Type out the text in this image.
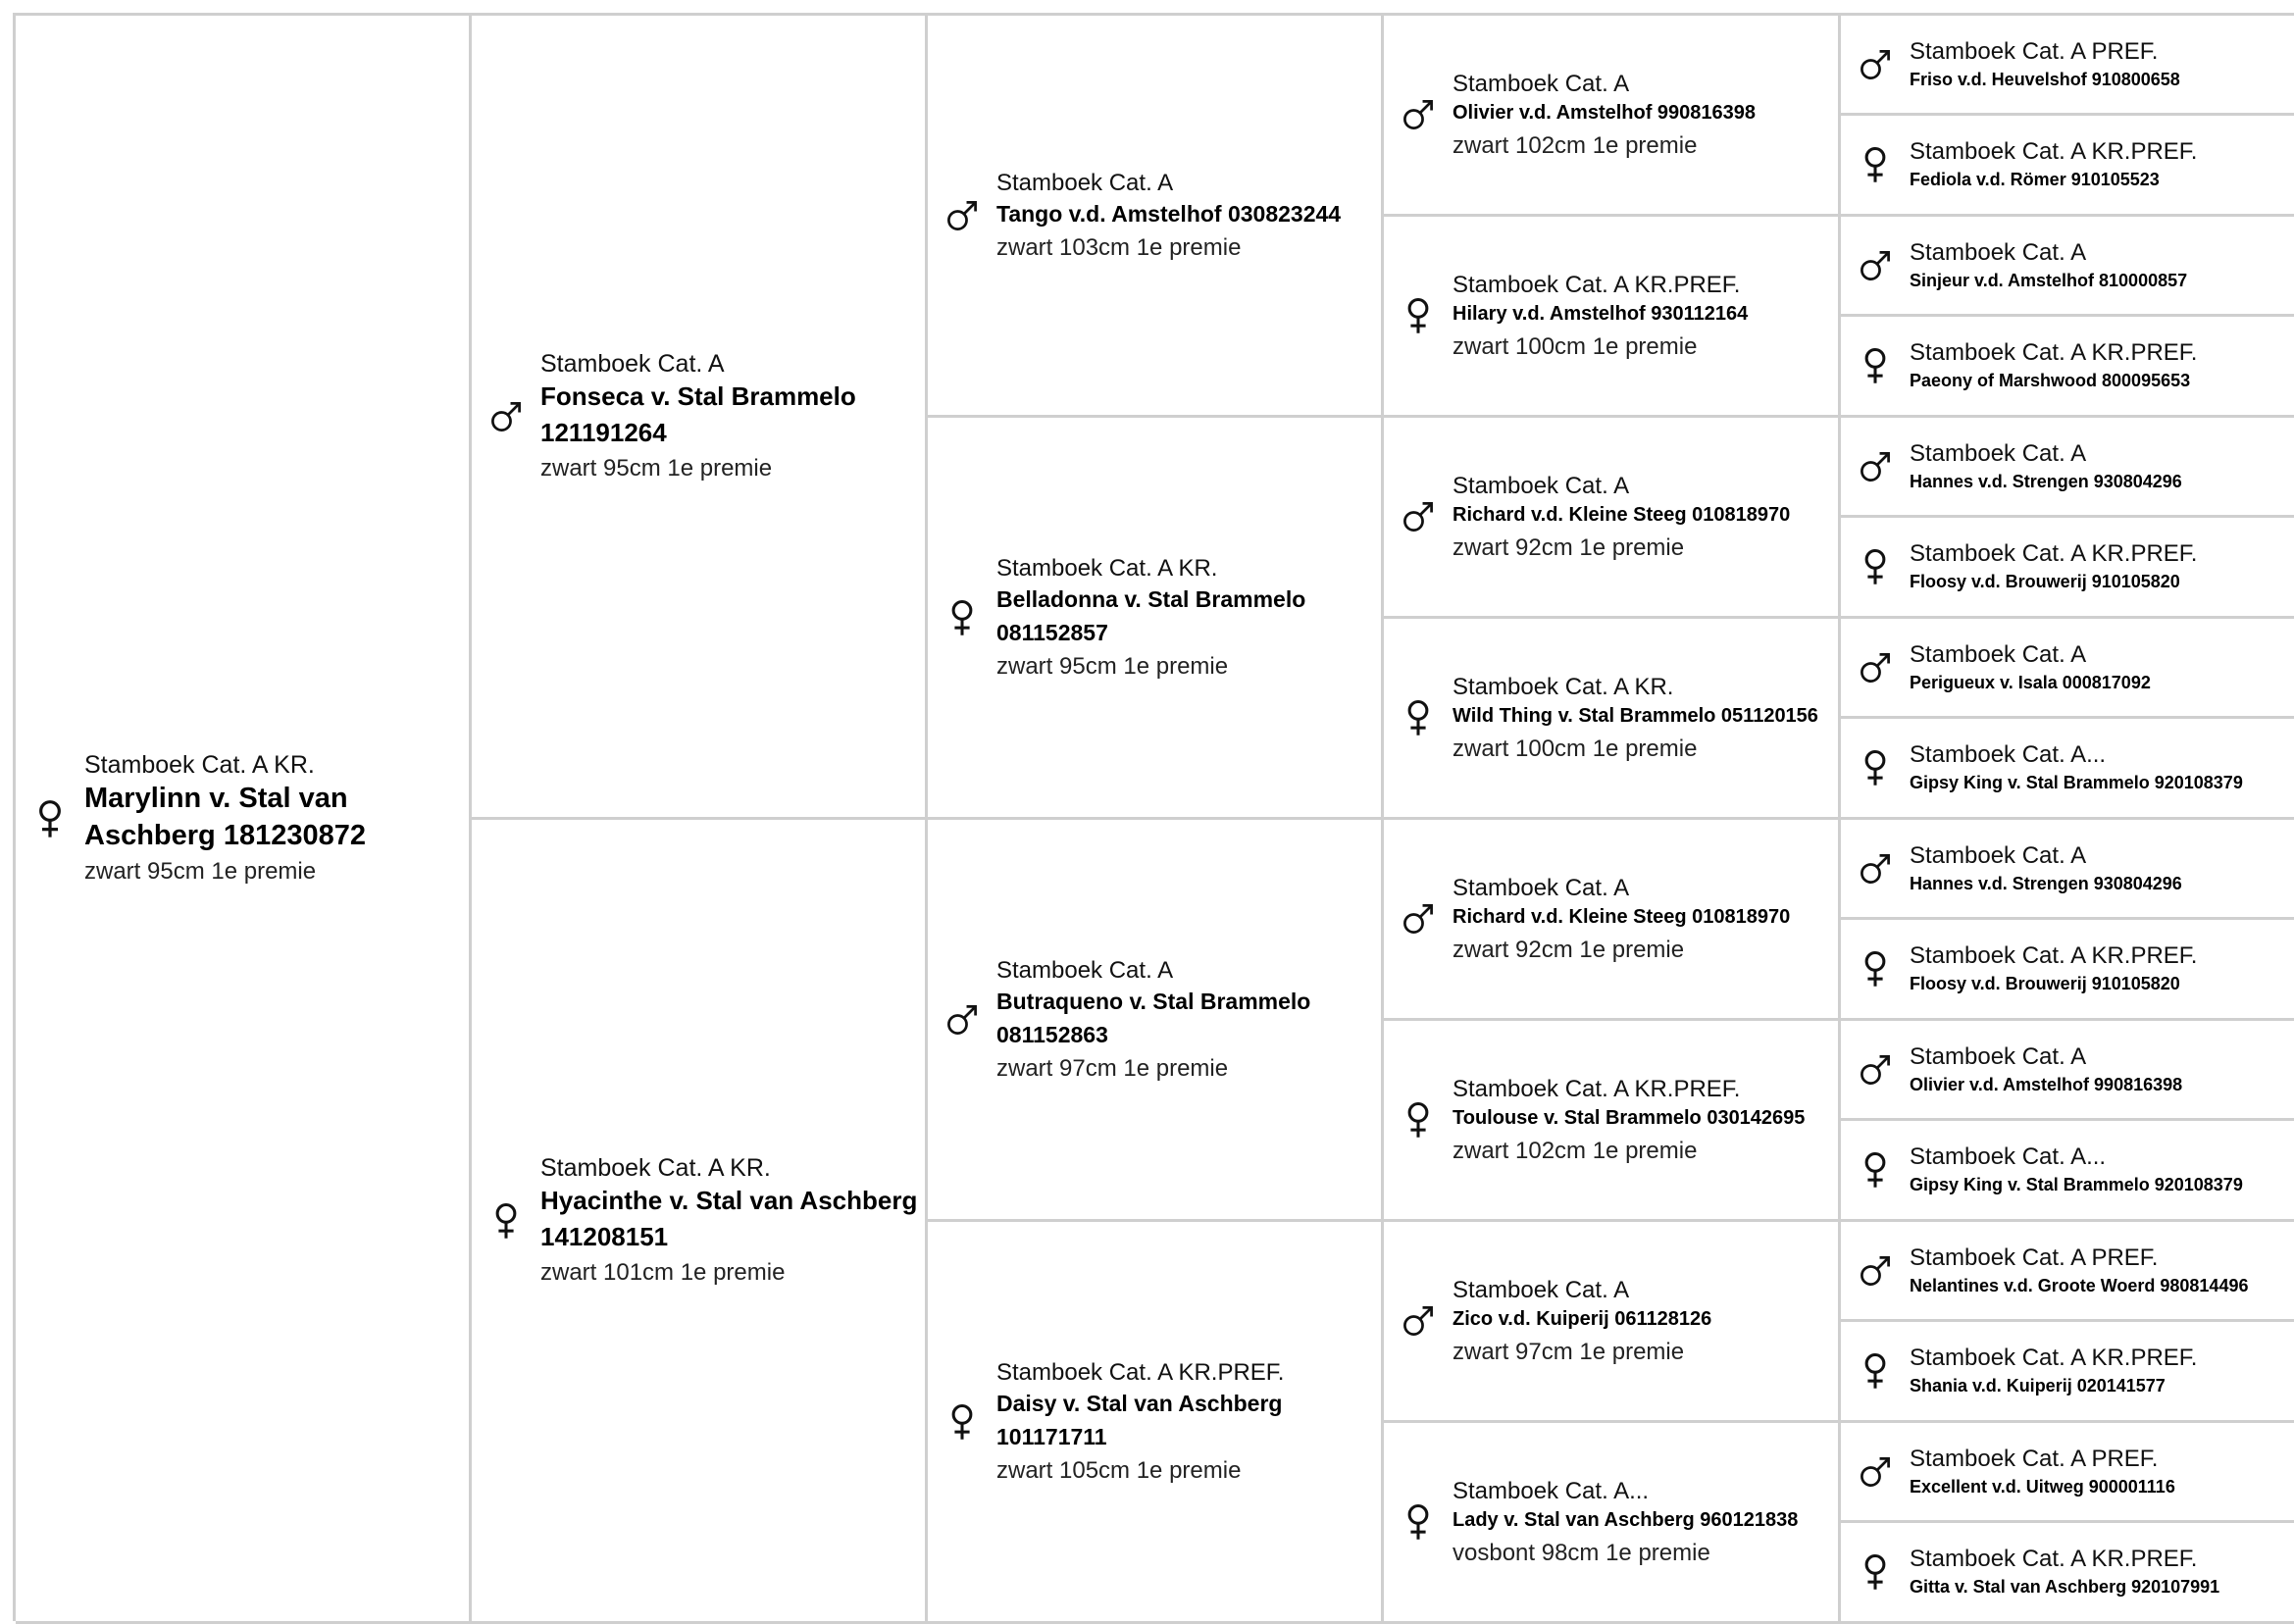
Stamboek Cat. A KR.
Marylinn v. Stal van Aschberg 181230872
zwart 95cm 1e premie
Stamboek Cat. A
Fonseca v. Stal Brammelo 121191264
zwart 95cm 1e premie
Stamboek Cat. A KR.
Hyacinthe v. Stal van Aschberg 141208151
zwart 101cm 1e premie
Stamboek Cat. A
Tango v.d. Amstelhof 030823244
zwart 103cm 1e premie
Stamboek Cat. A KR.
Belladonna v. Stal Brammelo 081152857
zwart 95cm 1e premie
Stamboek Cat. A
Butraqueno v. Stal Brammelo 081152863
zwart 97cm 1e premie
Stamboek Cat. A KR.PREF.
Daisy v. Stal van Aschberg 101171711
zwart 105cm 1e premie
Stamboek Cat. A
Olivier v.d. Amstelhof 990816398
zwart 102cm 1e premie
Stamboek Cat. A KR.PREF.
Hilary v.d. Amstelhof 930112164
zwart 100cm 1e premie
Stamboek Cat. A
Richard v.d. Kleine Steeg 010818970
zwart 92cm 1e premie
Stamboek Cat. A KR.
Wild Thing v. Stal Brammelo 051120156
zwart 100cm 1e premie
Stamboek Cat. A
Richard v.d. Kleine Steeg 010818970
zwart 92cm 1e premie
Stamboek Cat. A KR.PREF.
Toulouse v. Stal Brammelo 030142695
zwart 102cm 1e premie
Stamboek Cat. A
Zico v.d. Kuiperij 061128126
zwart 97cm 1e premie
Stamboek Cat. A...
Lady v. Stal van Aschberg 960121838
vosbont 98cm 1e premie
Stamboek Cat. A PREF.
Friso v.d. Heuvelshof 910800658
Stamboek Cat. A KR.PREF.
Fediola v.d. Römer 910105523
Stamboek Cat. A
Sinjeur v.d. Amstelhof 810000857
Stamboek Cat. A KR.PREF.
Paeony of Marshwood 800095653
Stamboek Cat. A
Hannes v.d. Strengen 930804296
Stamboek Cat. A KR.PREF.
Floosy v.d. Brouwerij 910105820
Stamboek Cat. A
Perigueux v. Isala 000817092
Stamboek Cat. A...
Gipsy King v. Stal Brammelo 920108379
Stamboek Cat. A
Hannes v.d. Strengen 930804296
Stamboek Cat. A KR.PREF.
Floosy v.d. Brouwerij 910105820
Stamboek Cat. A
Olivier v.d. Amstelhof 990816398
Stamboek Cat. A...
Gipsy King v. Stal Brammelo 920108379
Stamboek Cat. A PREF.
Nelantines v.d. Groote Woerd 980814496
Stamboek Cat. A KR.PREF.
Shania v.d. Kuiperij 020141577
Stamboek Cat. A PREF.
Excellent v.d. Uitweg 900001116
Stamboek Cat. A KR.PREF.
Gitta v. Stal van Aschberg 920107991
